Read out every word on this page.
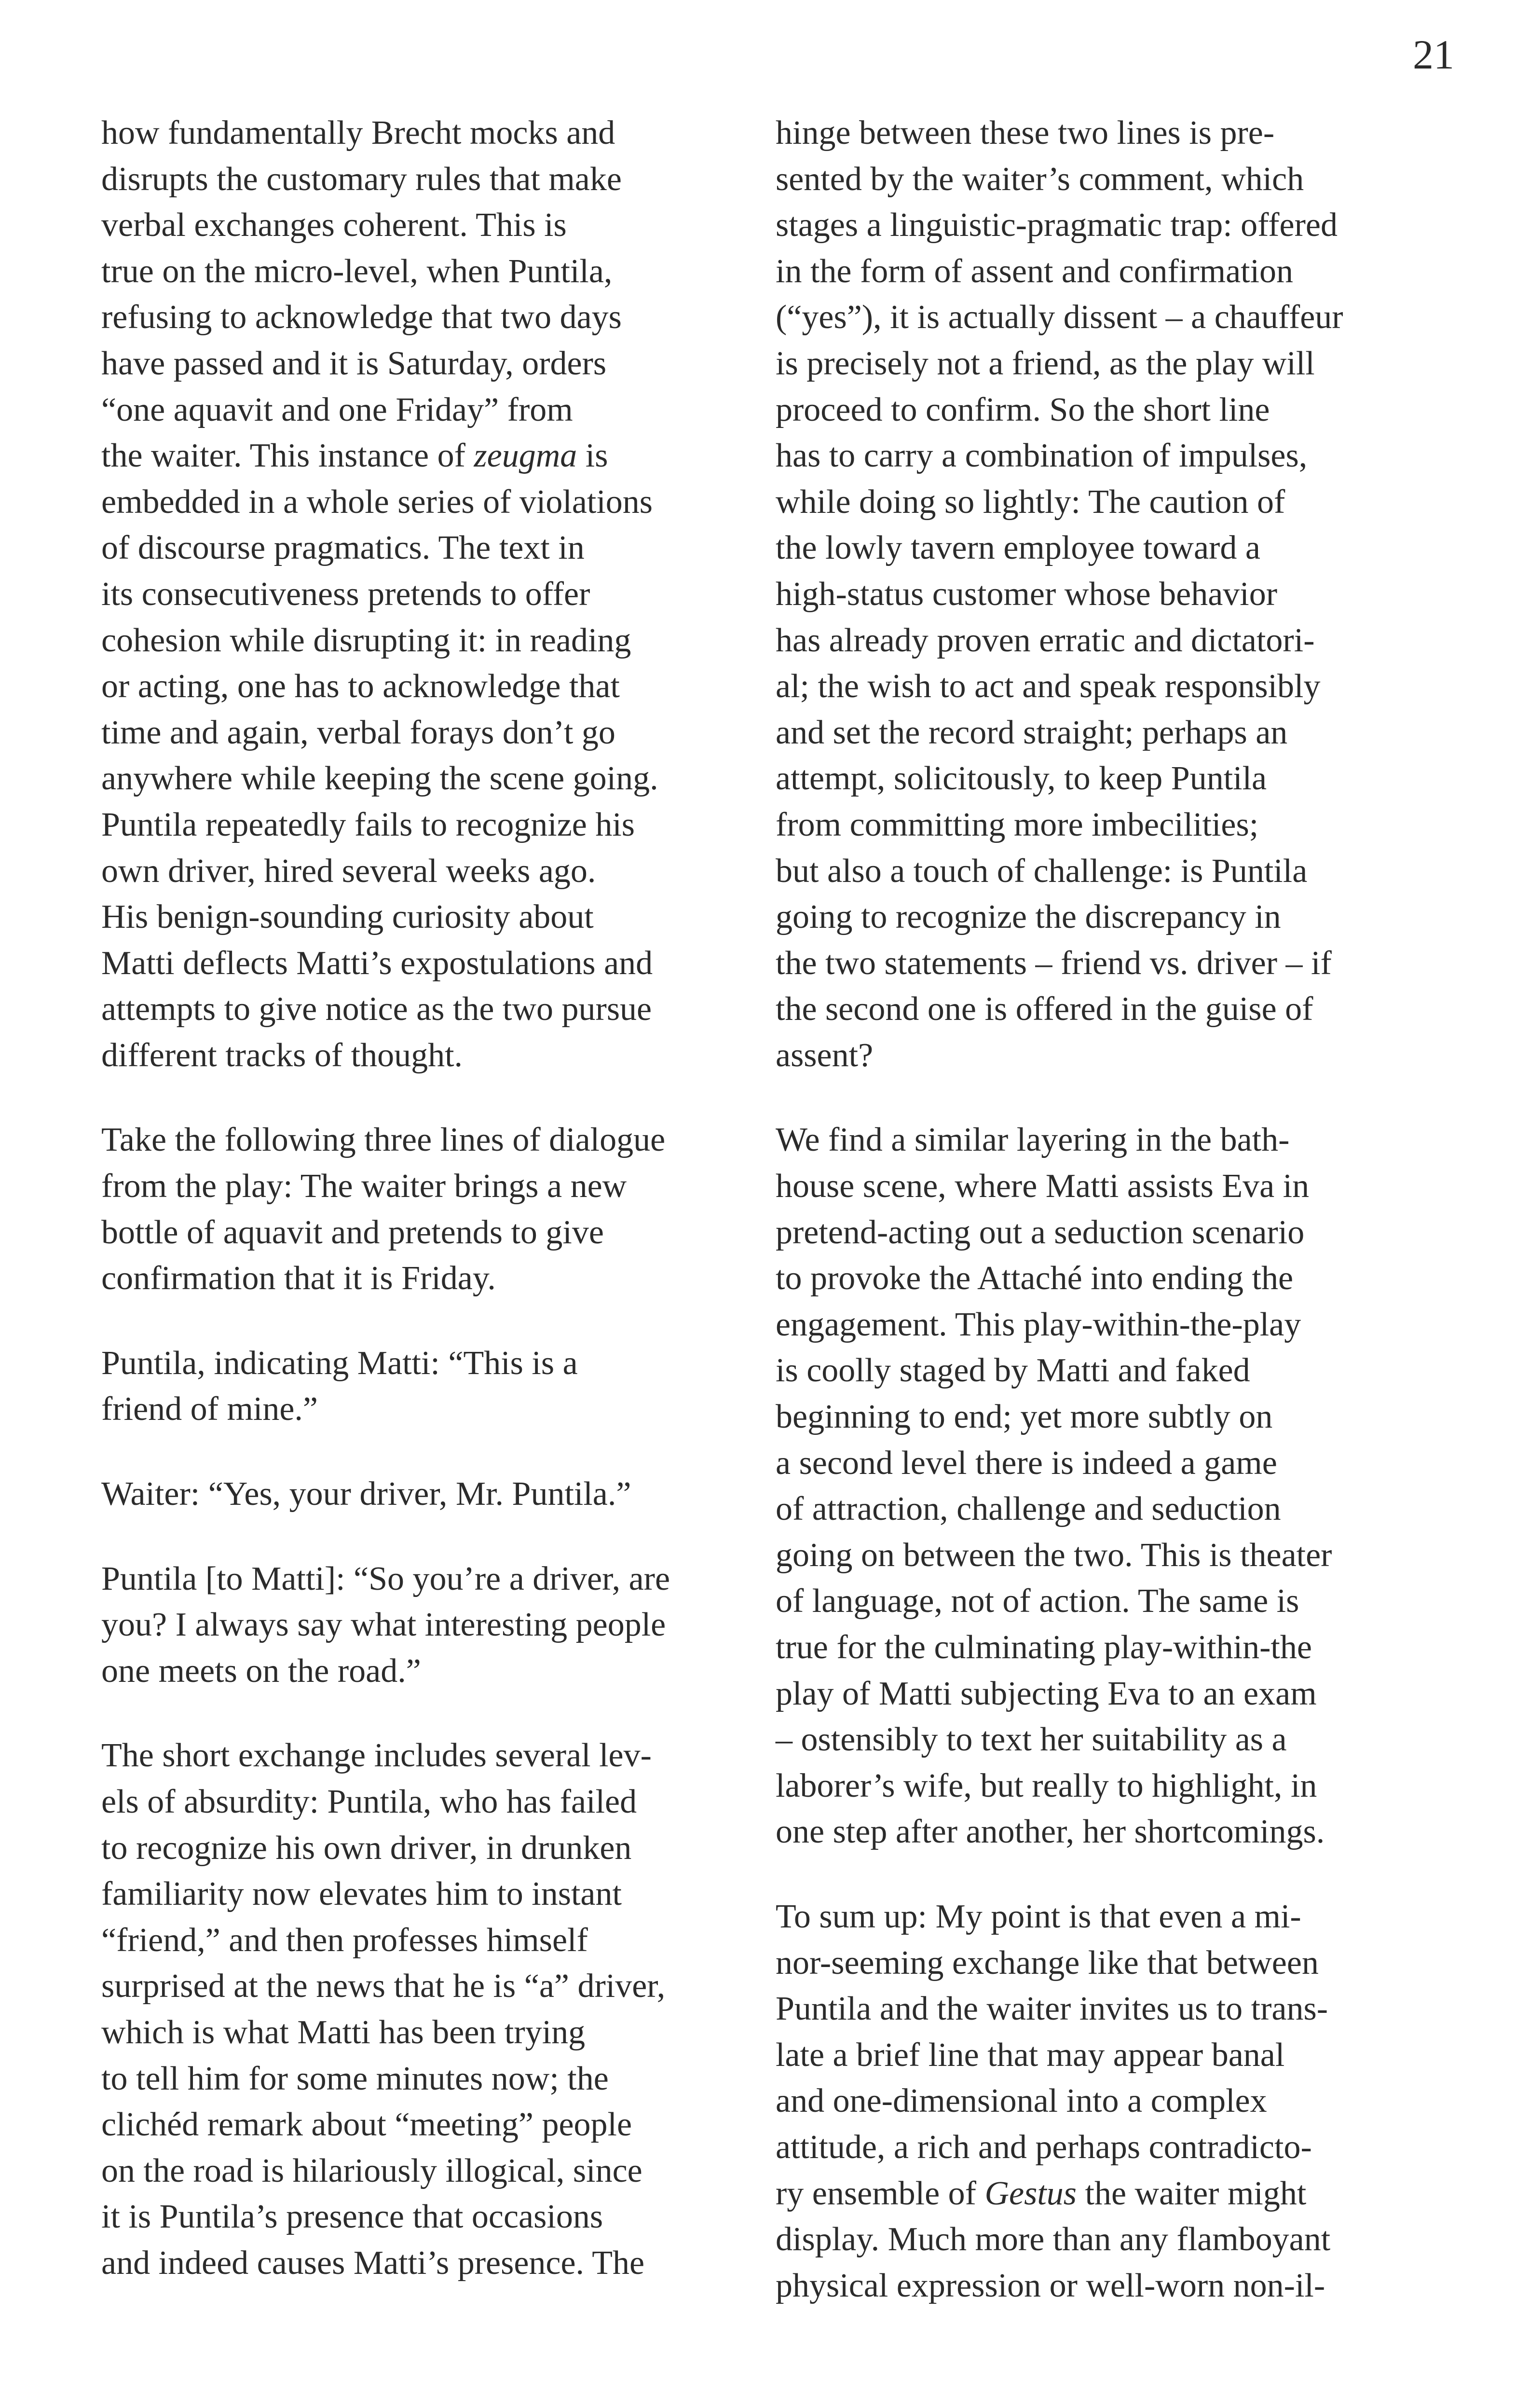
21
how fundamentally Brecht mocks and
disrupts the customary rules that make
verbal exchanges coherent. This is
true on the micro-level, when Puntila,
refusing to acknowledge that two days
have passed and it is Saturday, orders
“one aquavit and one Friday” from
the waiter. This instance of zeugma is
embedded in a whole series of violations
of discourse pragmatics. The text in
its consecutiveness pretends to offer
cohesion while disrupting it: in reading
or acting, one has to acknowledge that
time and again, verbal forays don’t go
anywhere while keeping the scene going.
Puntila repeatedly fails to recognize his
own driver, hired several weeks ago.
His benign-sounding curiosity about
Matti deflects Matti’s expostulations and
attempts to give notice as the two pursue
different tracks of thought.
Take the following three lines of dialogue
from the play: The waiter brings a new
bottle of aquavit and pretends to give
confirmation that it is Friday.
Puntila, indicating Matti: “This is a
friend of mine.”
Waiter: “Yes, your driver, Mr. Puntila.”
Puntila [to Matti]: “So you’re a driver, are
you? I always say what interesting people
one meets on the road.”
The short exchange includes several lev-
els of absurdity: Puntila, who has failed
to recognize his own driver, in drunken
familiarity now elevates him to instant
“friend,” and then professes himself
surprised at the news that he is “a” driver,
which is what Matti has been trying
to tell him for some minutes now; the
clichéd remark about “meeting” people
on the road is hilariously illogical, since
it is Puntila’s presence that occasions
and indeed causes Matti’s presence. The
hinge between these two lines is pre-
sented by the waiter’s comment, which
stages a linguistic-pragmatic trap: offered
in the form of assent and confirmation
(“yes”), it is actually dissent – a chauffeur
is precisely not a friend, as the play will
proceed to confirm. So the short line
has to carry a combination of impulses,
while doing so lightly: The caution of
the lowly tavern employee toward a
high-status customer whose behavior
has already proven erratic and dictatori-
al; the wish to act and speak responsibly
and set the record straight; perhaps an
attempt, solicitously, to keep Puntila
from committing more imbecilities;
but also a touch of challenge: is Puntila
going to recognize the discrepancy in
the two statements – friend vs. driver – if
the second one is offered in the guise of
assent?
We find a similar layering in the bath-
house scene, where Matti assists Eva in
pretend-acting out a seduction scenario
to provoke the Attaché into ending the
engagement. This play-within-the-play
is coolly staged by Matti and faked
beginning to end; yet more subtly on
a second level there is indeed a game
of attraction, challenge and seduction
going on between the two. This is theater
of language, not of action. The same is
true for the culminating play-within-the
play of Matti subjecting Eva to an exam
– ostensibly to text her suitability as a
laborer’s wife, but really to highlight, in
one step after another, her shortcomings.
To sum up: My point is that even a mi-
nor-seeming exchange like that between
Puntila and the waiter invites us to trans-
late a brief line that may appear banal
and one-dimensional into a complex
attitude, a rich and perhaps contradicto-
ry ensemble of Gestus the waiter might
display. Much more than any flamboyant
physical expression or well-worn non-il-
